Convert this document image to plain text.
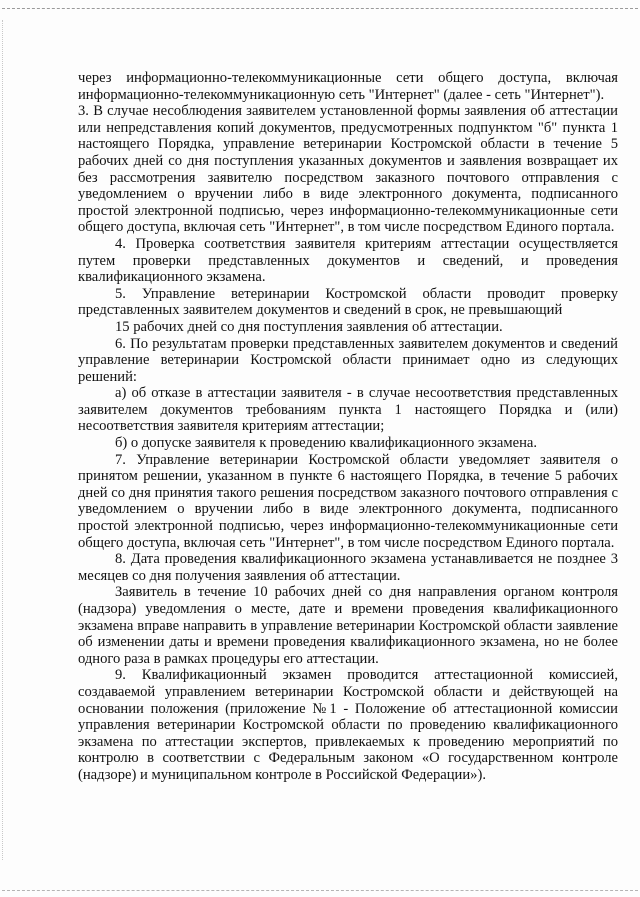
через информационно-телекоммуникационные сети общего доступа, включая информационно-телекоммуникационную сеть "Интернет" (далее - сеть "Интернет").

3. В случае несоблюдения заявителем установленной формы заявления об аттестации или непредставления копий документов, предусмотренных подпунктом "б" пункта 1 настоящего Порядка, управление ветеринарии Костромской области в течение 5 рабочих дней со дня поступления указанных документов и заявления возвращает их без рассмотрения заявителю посредством заказного почтового отправления с уведомлением о вручении либо в виде электронного документа, подписанного простой электронной подписью, через информационно-телекоммуникационные сети общего доступа, включая сеть "Интернет", в том числе посредством Единого портала.

4. Проверка соответствия заявителя критериям аттестации осуществляется путем проверки представленных документов и сведений, и проведения квалификационного экзамена.

5. Управление ветеринарии Костромской области проводит проверку представленных заявителем документов и сведений в срок, не превышающий

15 рабочих дней со дня поступления заявления об аттестации.

6. По результатам проверки представленных заявителем документов и сведений управление ветеринарии Костромской области принимает одно из следующих решений:

а) об отказе в аттестации заявителя - в случае несоответствия представленных заявителем документов требованиям пункта 1 настоящего Порядка и (или) несоответствия заявителя критериям аттестации;

б) о допуске заявителя к проведению квалификационного экзамена.

7. Управление ветеринарии Костромской области уведомляет заявителя о принятом решении, указанном в пункте 6 настоящего Порядка, в течение 5 рабочих дней со дня принятия такого решения посредством заказного почтового отправления с уведомлением о вручении либо в виде электронного документа, подписанного простой электронной подписью, через информационно-телекоммуникационные сети общего доступа, включая сеть "Интернет", в том числе посредством Единого портала.

8. Дата проведения квалификационного экзамена устанавливается не позднее 3 месяцев со дня получения заявления об аттестации.

Заявитель в течение 10 рабочих дней со дня направления органом контроля (надзора) уведомления о месте, дате и времени проведения квалификационного экзамена вправе направить в управление ветеринарии Костромской области заявление об изменении даты и времени проведения квалификационного экзамена, но не более одного раза в рамках процедуры его аттестации.

9. Квалификационный экзамен проводится аттестационной комиссией, создаваемой управлением ветеринарии Костромской области и действующей на основании положения (приложение №1 - Положение об аттестационной комиссии управления ветеринарии Костромской области по проведению квалификационного экзамена по аттестации экспертов, привлекаемых к проведению мероприятий по контролю в соответствии с Федеральным законом «О государственном контроле (надзоре) и муниципальном контроле в Российской Федерации»).
